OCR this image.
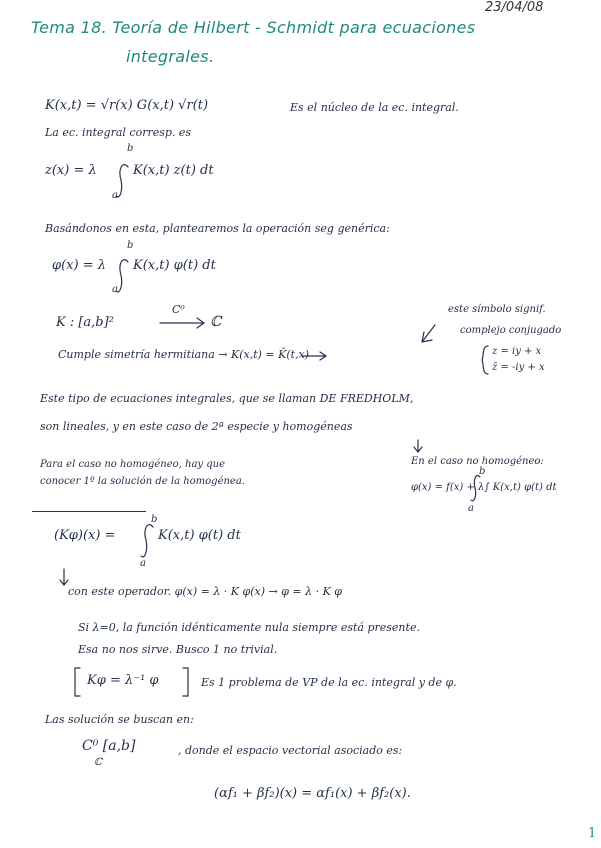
23/04/08
Tema 18. Teoría de Hilbert - Schmidt para ecuaciones
integrales.
K(x,t) = √r(x) G(x,t) √r(t)	Es el núcleo de la ec. integral.
La ec. integral corresp. es
b
z(x) = λ	K(x,t) z(t) dt
a
Basándonos en esta, plantearemos la operación seg genérica:
b
φ(x) = λ K(x,t) φ(t) dt
a
K : [a,b]²
C⁰
ℂ
este símbolo signif.
complejo conjugado
Cumple simetría hermitiana → K(x,t) = K̄(t,x)	z = iy + x
z̄ = -iy + x
Este tipo de ecuaciones integrales, que se llaman DE FREDHOLM,
son lineales, y en este caso de 2ª especie y homogéneas
Para el caso no homogéneo, hay que
conocer 1º la solución de la homogénea.
En el caso no homogéneo:
b
φ(x) = f(x) + λ∫ K(x,t) φ(t) dt
a
b
(Kφ)(x) =	K(x,t) φ(t) dt
a
con este operador. φ(x) = λ · K φ(x) → φ = λ · K φ
Si λ=0, la función idénticamente nula siempre está presente.
Esa no nos sirve. Busco 1 no trivial.
Kφ = λ⁻¹ φ	Es 1 problema de VP de la ec. integral y de φ.
Las solución se buscan en:
C⁰ [a,b]
ℂ
, donde el espacio vectorial asociado es:
(αf₁ + βf₂)(x) = αf₁(x) + βf₂(x).
1
